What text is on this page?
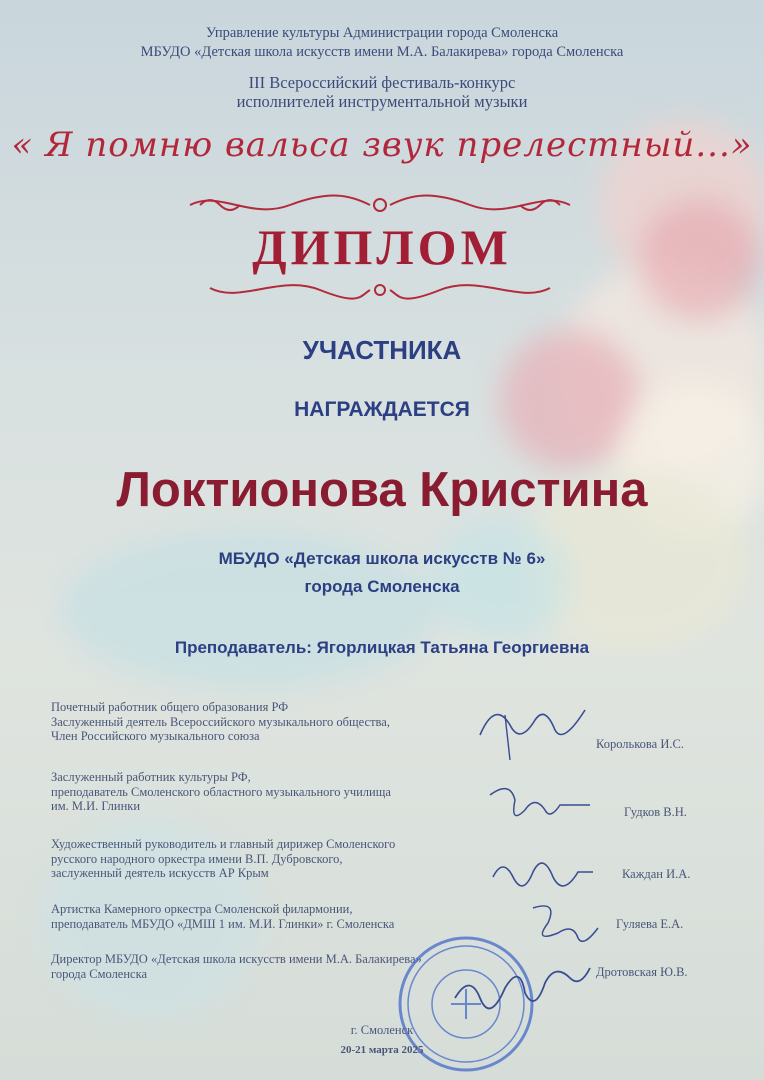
Управление культуры Администрации города Смоленска
МБУДО «Детская школа искусств имени М.А. Балакирева» города Смоленска
III Всероссийский фестиваль-конкурс
исполнителей инструментальной музыки
« Я помню вальса звук прелестный...»
ДИПЛОМ
УЧАСТНИКА
НАГРАЖДАЕТСЯ
Локтионова Кристина
МБУДО «Детская школа искусств № 6»
города Смоленска
Преподаватель: Ягорлицкая Татьяна Георгиевна
Почетный работник общего образования РФ
Заслуженный деятель Всероссийского музыкального общества,
Член Российского музыкального союза
Королькова И.С.
Заслуженный работник культуры РФ,
преподаватель Смоленского областного музыкального училища
им. М.И. Глинки	Гудков В.Н.
Художественный руководитель и главный дирижер Смоленского
русского народного оркестра имени В.П. Дубровского,
заслуженный деятель искусств АР Крым	Каждан И.А.
Артистка Камерного оркестра Смоленской филармонии,
преподаватель МБУДО «ДМШ 1 им. М.И. Глинки» г. Смоленска	Гуляева Е.А.
Директор МБУДО «Детская школа искусств имени М.А. Балакирева»
города Смоленска	Дротовская Ю.В.
г. Смоленск
20-21 марта 2025
